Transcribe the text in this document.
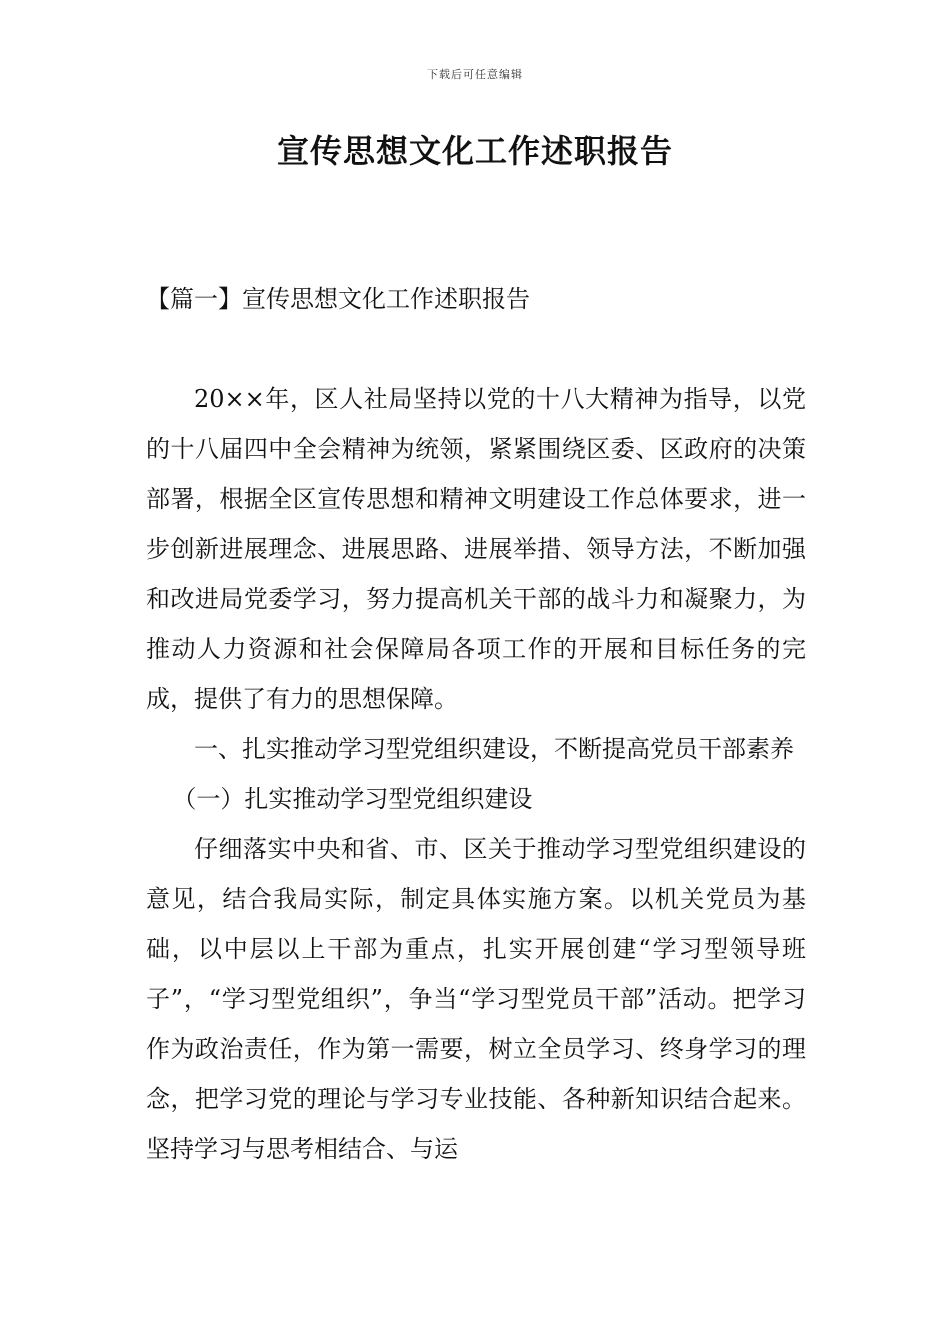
下载后可任意编辑
宣传思想文化工作述职报告
【篇一】宣传思想文化工作述职报告

20××年，区人社局坚持以党的十八大精神为指导，以党的十八届四中全会精神为统领，紧紧围绕区委、区政府的决策部署，根据全区宣传思想和精神文明建设工作总体要求，进一步创新进展理念、进展思路、进展举措、领导方法，不断加强和改进局党委学习，努力提高机关干部的战斗力和凝聚力，为推动人力资源和社会保障局各项工作的开展和目标任务的完成，提供了有力的思想保障。

一、扎实推动学习型党组织建设，不断提高党员干部素养

（一）扎实推动学习型党组织建设

仔细落实中央和省、市、区关于推动学习型党组织建设的意见，结合我局实际，制定具体实施方案。以机关党员为基础，以中层以上干部为重点，扎实开展创建“学习型领导班子”，“学习型党组织”，争当“学习型党员干部”活动。把学习作为政治责任，作为第一需要，树立全员学习、终身学习的理念，把学习党的理论与学习专业技能、各种新知识结合起来。坚持学习与思考相结合、与运
